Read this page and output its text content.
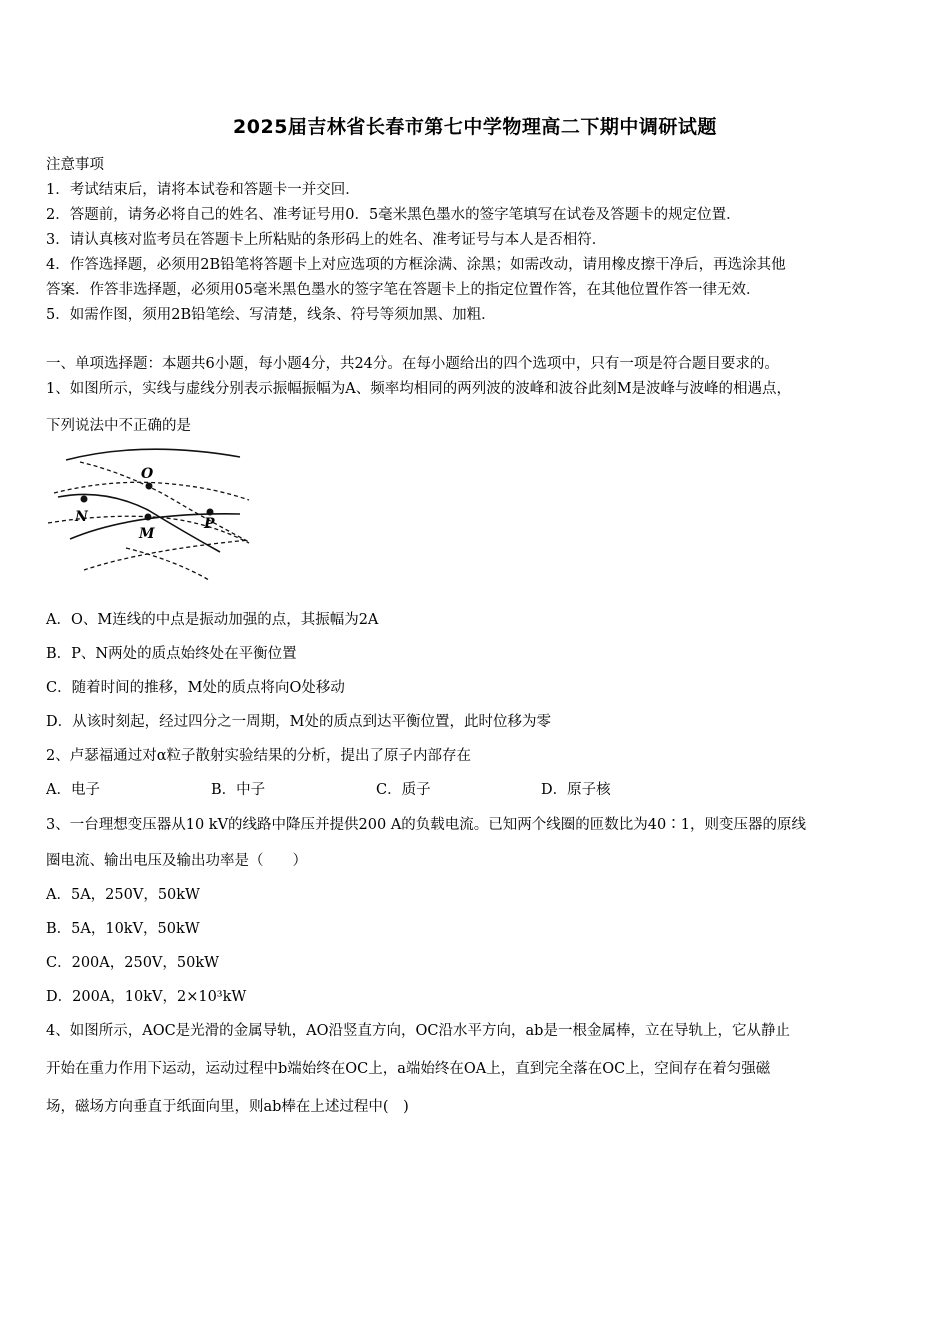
2025届吉林省长春市第七中学物理高二下期中调研试题
注意事项
1．考试结束后，请将本试卷和答题卡一并交回．
2．答题前，请务必将自己的姓名、准考证号用0．5毫米黑色墨水的签字笔填写在试卷及答题卡的规定位置．
3．请认真核对监考员在答题卡上所粘贴的条形码上的姓名、准考证号与本人是否相符．
4．作答选择题，必须用2B铅笔将答题卡上对应选项的方框涂满、涂黑；如需改动，请用橡皮擦干净后，再选涂其他
答案．作答非选择题，必须用05毫米黑色墨水的签字笔在答题卡上的指定位置作答，在其他位置作答一律无效．
5．如需作图，须用2B铅笔绘、写清楚，线条、符号等须加黑、加粗．
一、单项选择题：本题共6小题，每小题4分，共24分。在每小题给出的四个选项中，只有一项是符合题目要求的。
1、如图所示，实线与虚线分别表示振幅振幅为A、频率均相同的两列波的波峰和波谷此刻M是波峰与波峰的相遇点，
下列说法中不正确的是
O
N
M
P
A．O、M连线的中点是振动加强的点，其振幅为2A
B．P、N两处的质点始终处在平衡位置
C．随着时间的推移，M处的质点将向O处移动
D．从该时刻起，经过四分之一周期，M处的质点到达平衡位置，此时位移为零
2、卢瑟福通过对α粒子散射实验结果的分析，提出了原子内部存在
A．电子	B．中子	C．质子	D．原子核
3、一台理想变压器从10 kV的线路中降压并提供200 A的负载电流。已知两个线圈的匝数比为40∶1，则变压器的原线
圈电流、输出电压及输出功率是（　　）
A．5A，250V，50kW
B．5A，10kV，50kW
C．200A，250V，50kW
D．200A，10kV，2×10³kW
4、如图所示，AOC是光滑的金属导轨，AO沿竖直方向，OC沿水平方向，ab是一根金属棒，立在导轨上，它从静止
开始在重力作用下运动，运动过程中b端始终在OC上，a端始终在OA上，直到完全落在OC上，空间存在着匀强磁
场，磁场方向垂直于纸面向里，则ab棒在上述过程中(　)
